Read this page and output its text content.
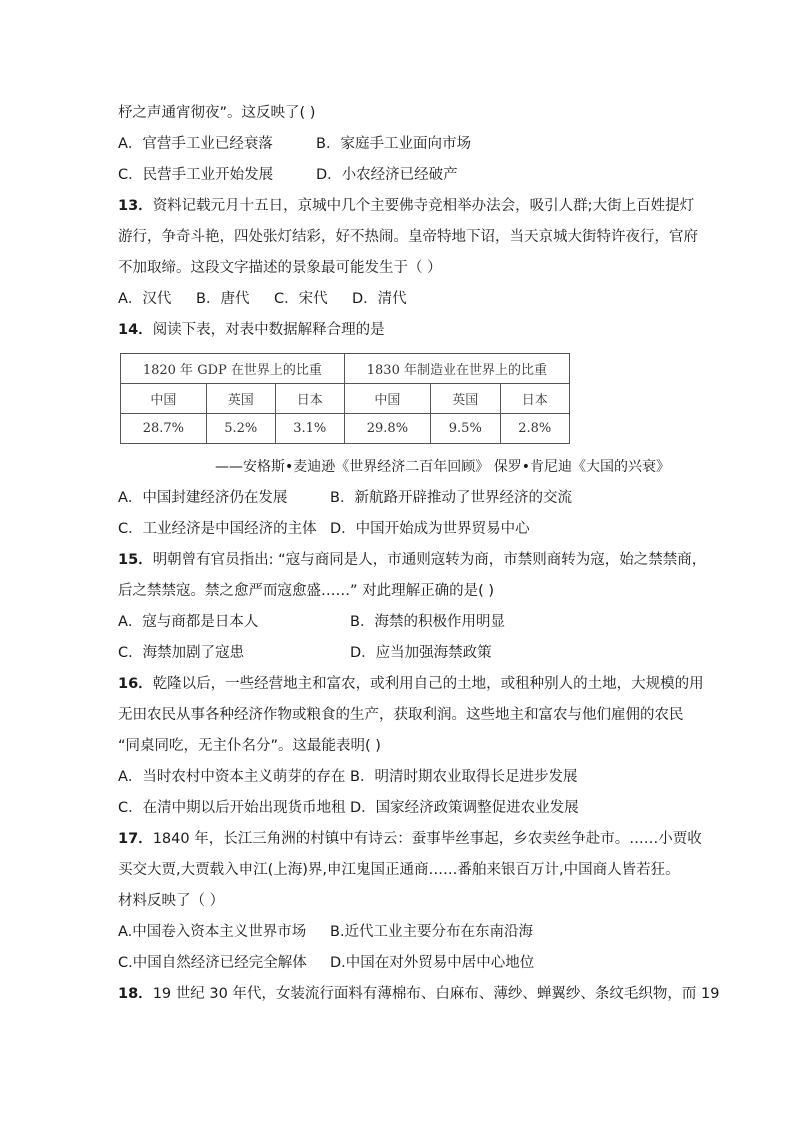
杼之声通宵彻夜”。这反映了( )
A．官营手工业已经衰落	B．家庭手工业面向市场
C．民营手工业开始发展	D．小农经济已经破产
13．资料记载元月十五日，京城中几个主要佛寺竞相举办法会，吸引人群;大街上百姓提灯
游行，争奇斗艳，四处张灯结彩，好不热闹。皇帝特地下诏，当天京城大街特许夜行，官府
不加取缔。这段文字描述的景象最可能发生于（ ）
A．汉代 B．唐代 C．宋代 D．清代
14．阅读下表，对表中数据解释合理的是
1820 年 GDP 在世界上的比重			1830 年制造业在世界上的比重		
中国	英国	日本	中国	英国	日本
28.7%	5.2%	3.1%	29.8%	9.5%	2.8%
——安格斯•麦迪逊《世界经济二百年回顾》 保罗•肯尼迪《大国的兴衰》
A．中国封建经济仍在发展	B．新航路开辟推动了世界经济的交流
C．工业经济是中国经济的主体 D．中国开始成为世界贸易中心
15．明朝曾有官员指出: “寇与商同是人，市通则寇转为商，市禁则商转为寇，始之禁禁商，
后之禁禁寇。禁之愈严而寇愈盛……” 对此理解正确的是( )
A．寇与商都是日本人	B．海禁的积极作用明显
C．海禁加剧了寇患	D．应当加强海禁政策
16．乾隆以后，一些经营地主和富农，或利用自己的土地，或租种别人的土地，大规模的用
无田农民从事各种经济作物或粮食的生产，获取利润。这些地主和富农与他们雇佣的农民
“同桌同吃，无主仆名分”。这最能表明( )
A．当时农村中资本主义萌芽的存在 B．明清时期农业取得长足进步发展
C．在清中期以后开始出现货币地租 D．国家经济政策调整促进农业发展
17．1840 年，长江三角洲的村镇中有诗云：蚕事毕丝事起，乡农卖丝争赴市。……小贾收
买交大贾,大贾载入申江(上海)界,申江鬼国正通商……番舶来银百万计,中国商人皆若狂。
材料反映了（ ）
A.中国卷入资本主义世界市场 B.近代工业主要分布在东南沿海
C.中国自然经济已经完全解体 D.中国在对外贸易中居中心地位
18．19 世纪 30 年代，女装流行面料有薄棉布、白麻布、薄纱、蝉翼纱、条纹毛织物，而 19
